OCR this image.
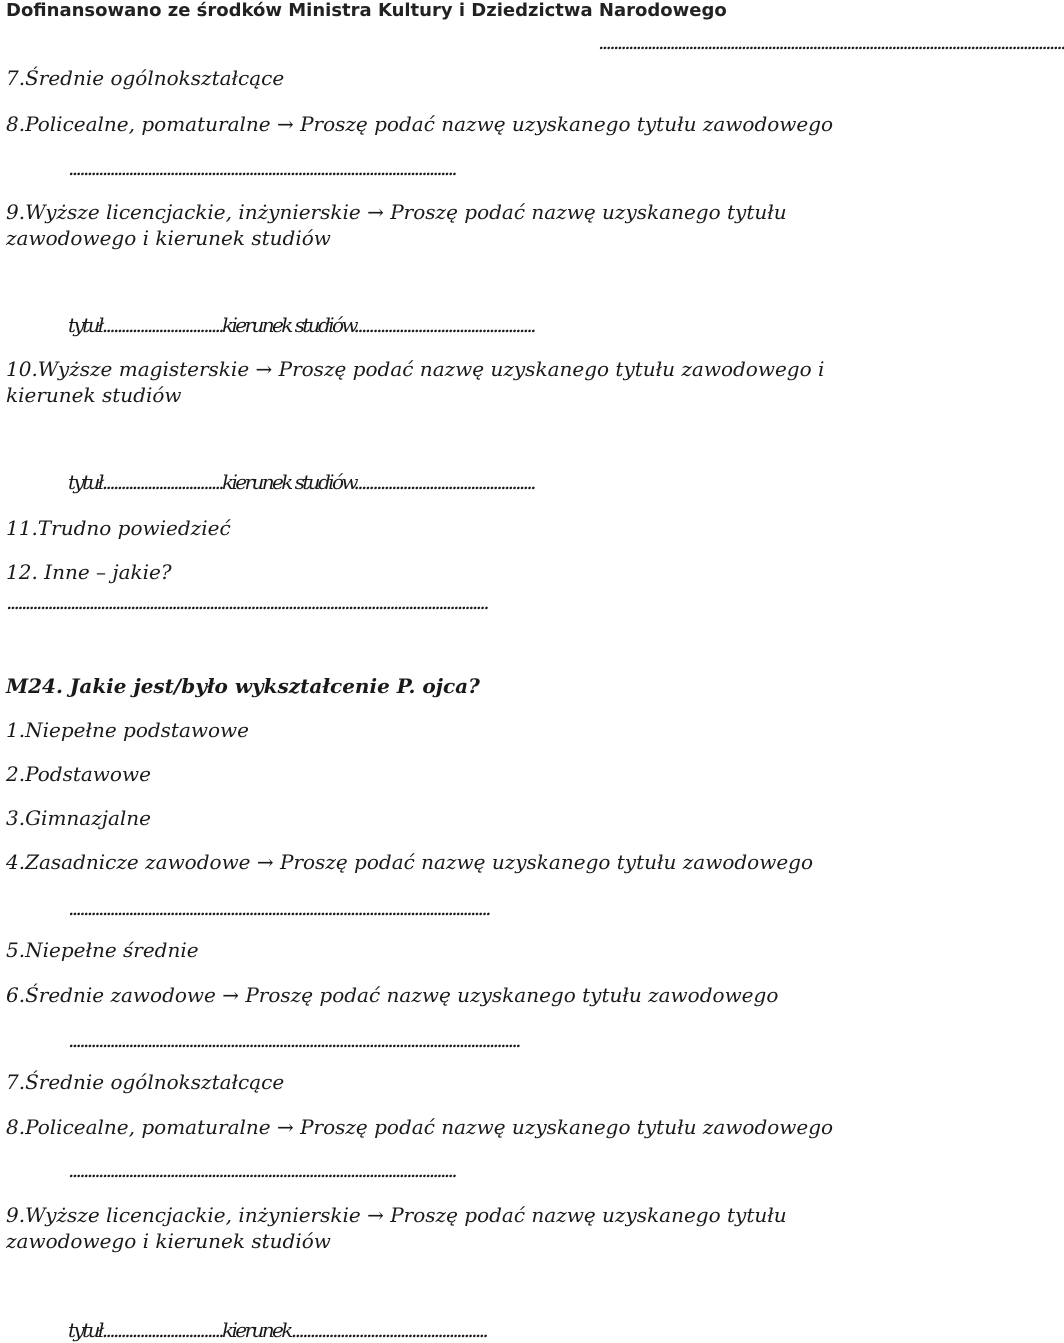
Dofinansowano ze środków Ministra Kultury i Dziedzictwa Narodowego
............................................................................................................................
7.Średnie ogólnokształcące
8.Policealne, pomaturalne → Proszę podać nazwę uzyskanego tytułu zawodowego
.......................................................................................................
9.Wyższe licencjackie, inżynierskie → Proszę podać nazwę uzyskanego tytułu
zawodowego i kierunek studiów
tytuł................................kierunek studiów................................................
10.Wyższe magisterskie → Proszę podać nazwę uzyskanego tytułu zawodowego i
kierunek studiów
tytuł................................kierunek studiów................................................
11.Trudno powiedzieć
12. Inne – jakie?
................................................................................................................................
M24. Jakie jest/było wykształcenie P. ojca?
1.Niepełne podstawowe
2.Podstawowe
3.Gimnazjalne
4.Zasadnicze zawodowe → Proszę podać nazwę uzyskanego tytułu zawodowego
................................................................................................................
5.Niepełne średnie
6.Średnie zawodowe → Proszę podać nazwę uzyskanego tytułu zawodowego
........................................................................................................................
7.Średnie ogólnokształcące
8.Policealne, pomaturalne → Proszę podać nazwę uzyskanego tytułu zawodowego
.......................................................................................................
9.Wyższe licencjackie, inżynierskie → Proszę podać nazwę uzyskanego tytułu
zawodowego i kierunek studiów
tytuł................................kierunek....................................................
